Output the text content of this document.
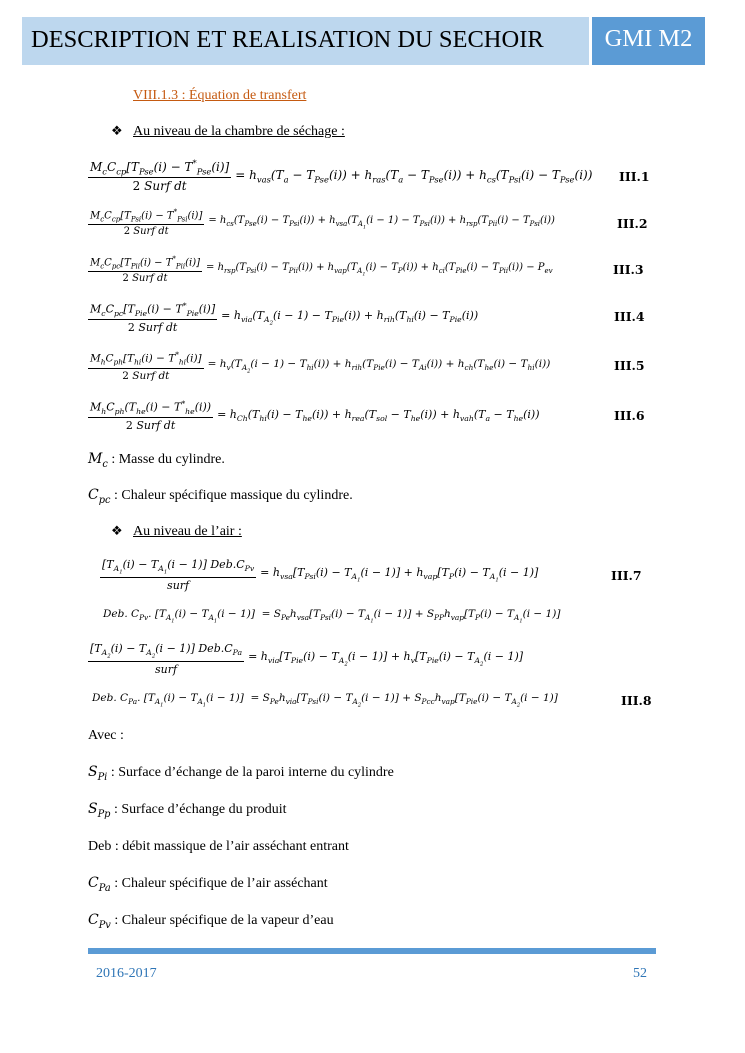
DESCRIPTION ET REALISATION DU SECHOIR	GMI M2
VIII.1.3 : Équation de transfert
❖ Au niveau de la chambre de séchage :
$\frac{M_cC_{cp}[T_{Pse}(i) - T^*_{Pse}(i)]}{\text{2 Surf dt}} = h_{vas}(T_a - T_{Pse}(i)) + h_{ras}(T_a - T_{Pse}(i)) + h_{cs}(T_{Psi}(i) - T_{Pse}(i))$ III.1
$\frac{M_cC_{cp}[T_{Psi}(i) - T^*_{Psi}(i)]}{\text{2 Surf dt}} = h_{cs}(T_{Pse}(i) - T_{Psi}(i)) + h_{vsa}(T_{A_1}(i - 1) - T_{Psi}(i)) + h_{rsp}(T_{Pii}(i) - T_{Psi}(i))$	III.2
$\frac{M_cC_{pc}[T_{Pii}(i) - T^*_{Pii}(i)]}{\text{2 Surf dt}} = h_{rsp}(T_{Psi}(i) - T_{Pii}(i)) + h_{vap}(T_{A_1}(i) - T_P(i)) + h_{ci}(T_{Pie}(i) - T_{Pii}(i)) - P_{ev}$	III.3
$\frac{M_cC_{pc}[T_{Pie}(i) - T^*_{Pie}(i)]}{\text{2 Surf dt}} = h_{via}(T_{A_2}(i - 1) - T_{Pie}(i)) + h_{rih}(T_{hi}(i) - T_{Pie}(i))$	III.4
$\frac{M_hC_{ph}[T_{hi}(i) - T^*_{hi}(i)]}{\text{2 Surf dt}} = h_v(T_{A_2}(i - 1) - T_{hi}(i)) + h_{rih}(T_{Pie}(i) - T_{Ai}(i)) + h_{ch}(T_{he}(i) - T_{hi}(i))$	III.5
$\frac{M_hC_{ph}(T_{he}(i) - T^*_{he}(i))}{\text{2 Surf dt}} = h_{Ch}(T_{hi}(i) - T_{he}(i)) + h_{rea}(T_{sol} - T_{he}(i)) + h_{vah}(T_a - T_{he}(i))$	III.6
$M_c$ : Masse du cylindre.
$C_{pc}$ : Chaleur spécifique massique du cylindre.
❖ Au niveau de l’air :
$\frac{[T_{A_1}(i) - T_{A_1}(i - 1)] Deb.C_{Pv}}{\text{surf}} = h_{vsa}[T_{Psi}(i) - T_{A_1}(i - 1)] + h_{vap}[T_P(i) - T_{A_1}(i - 1)]$	III.7
Deb. $C_{Pv}$. $[T_{A_1}(i) - T_{A_1}(i - 1)] = S_{Pe}h_{vsa}[T_{Psi}(i) - T_{A_1}(i - 1)] + S_{PP}h_{vap}[T_P(i) - T_{A_1}(i - 1)]$
$\frac{[T_{A_2}(i) - T_{A_2}(i - 1)] Deb.C_{Pa}}{\text{surf}} = h_{via}[T_{Pie}(i) - T_{A_2}(i - 1)] + h_v[T_{Pie}(i) - T_{A_2}(i - 1)]$
Deb. $C_{Pa}$. $[T_{A_1}(i) - T_{A_1}(i - 1)] = S_{Pe}h_{via}[T_{Psi}(i) - T_{A_2}(i - 1)] + S_{Pcc}h_{vap}[T_{Pie}(i) - T_{A_2}(i - 1)]$	III.8
Avec :
$S_{Pi}$ : Surface d’échange de la paroi interne du cylindre
$S_{Pp}$ : Surface d’échange du produit
Deb : débit massique de l’air asséchant entrant
$C_{Pa}$ : Chaleur spécifique de l’air asséchant
$C_{Pv}$ : Chaleur spécifique de la vapeur d’eau
2016-2017	52
